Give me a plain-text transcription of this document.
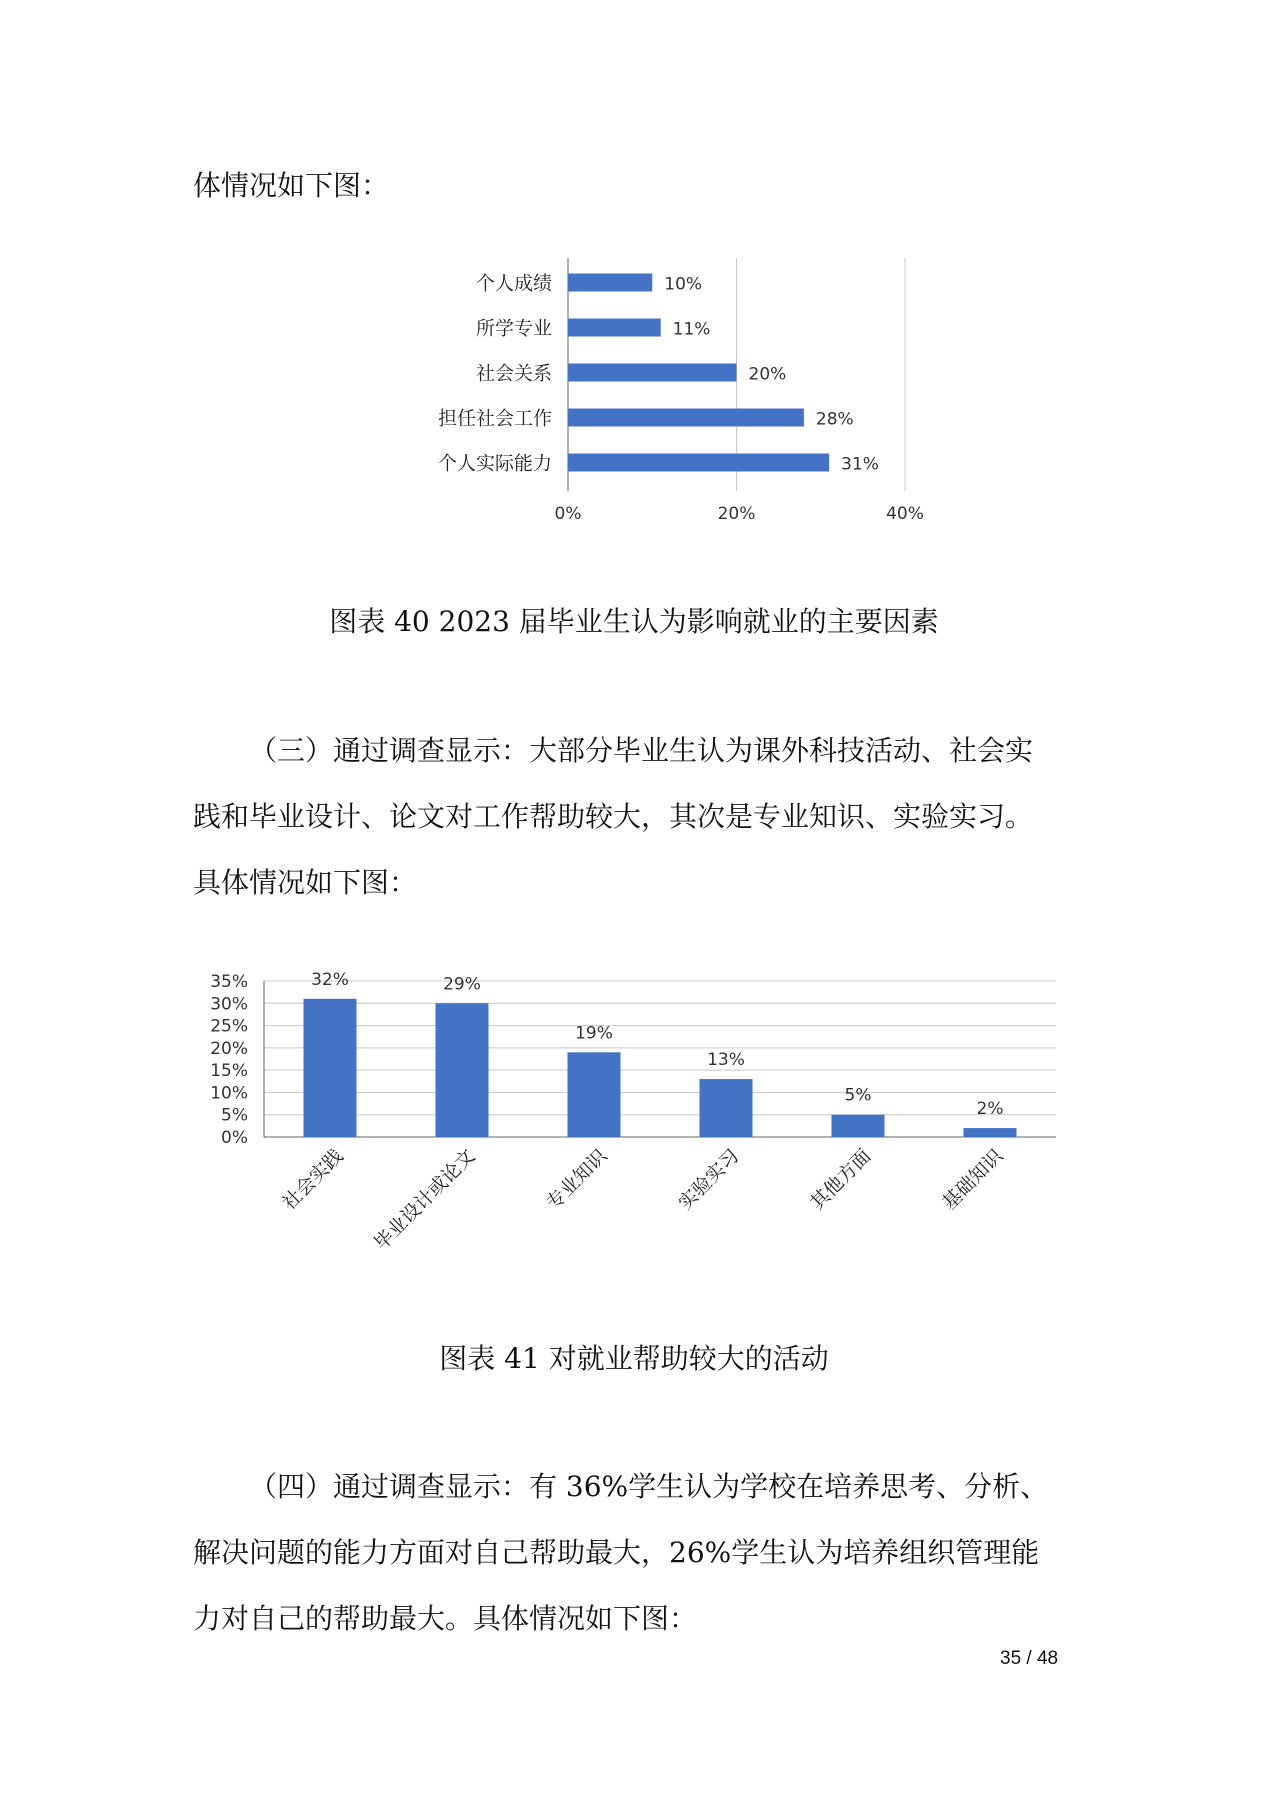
体情况如下图：
个人成绩
所学专业
社会关系
担任社会工作
个人实际能力
10%
11%
20%
28%
31%
0%	20%	40%
图表 40 2023 届毕业生认为影响就业的主要因素
（三）通过调查显示：大部分毕业生认为课外科技活动、社会实
践和毕业设计、论文对工作帮助较大，其次是专业知识、实验实习。
具体情况如下图：
32%	29%
19%
13%
5%
2%
0%
5%
10%
15%
20%
25%
30%
35%
社会实践 毕业设计或论文	专业知识	实验实习	其他方面	基础知识
图表 41 对就业帮助较大的活动
（四）通过调查显示：有 36%学生认为学校在培养思考、分析、
解决问题的能力方面对自己帮助最大，26%学生认为培养组织管理能
力对自己的帮助最大。具体情况如下图：
35 / 48
